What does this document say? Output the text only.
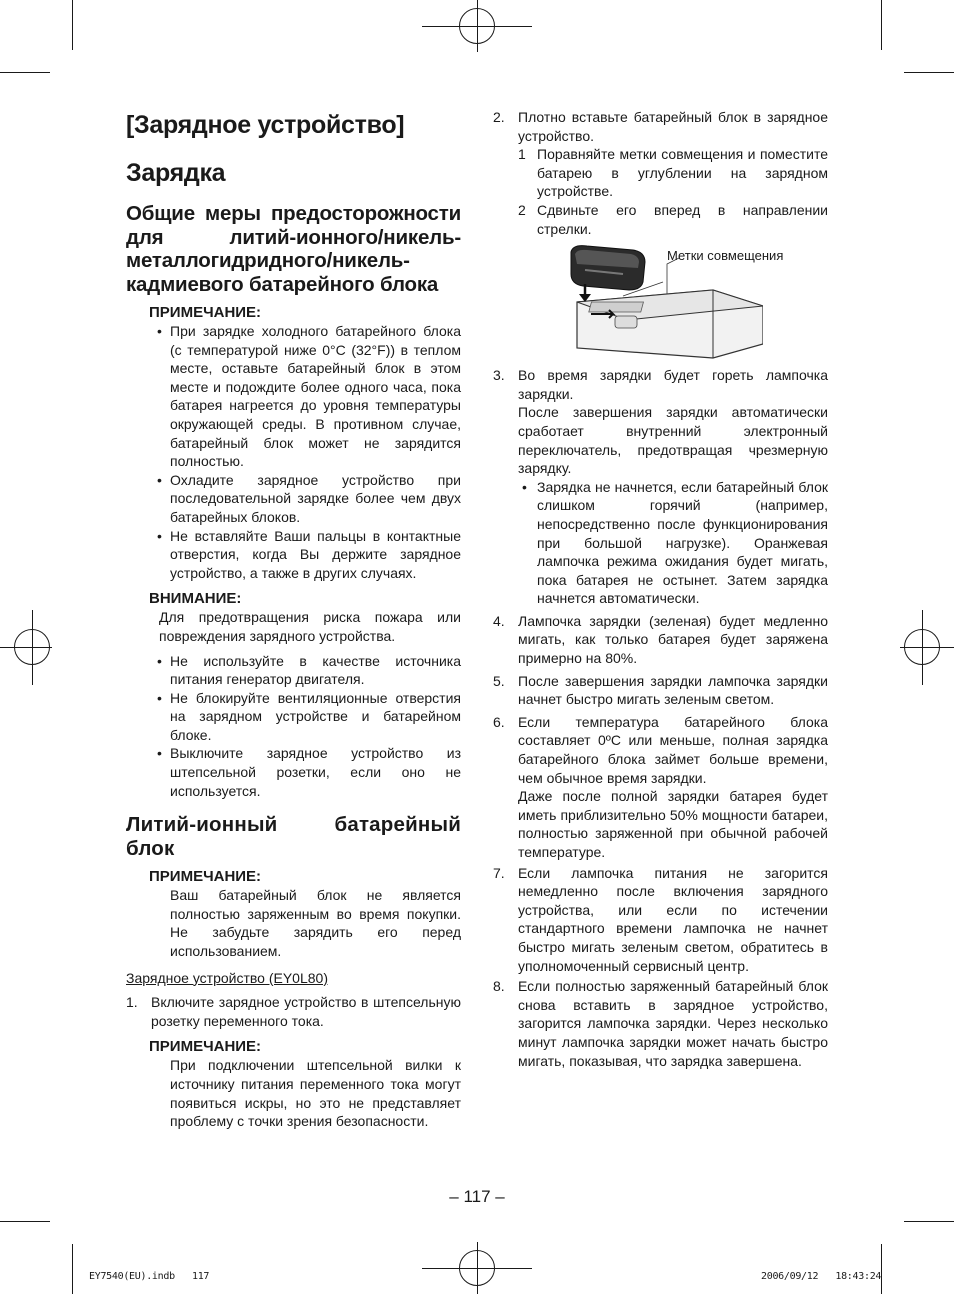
[Зарядное устройство]
Зарядка
Общие меры предосторожности для литий-ионного/никель-металлогидридного/никель-кадмиевого батарейного блока
ПРИМЕЧАНИЕ:
• При зарядке холодного батарейного блока (с температурой ниже 0°C (32°F)) в теплом месте, оставьте батарейный блок в этом месте и подождите более одного часа, пока батарея нагреется до уровня температуры окружающей среды. В противном случае, батарейный блок может не зарядится полностью.
• Охладите зарядное устройство при последовательной зарядке более чем двух батарейных блоков.
• Не вставляйте Ваши пальцы в контактные отверстия, когда Вы держите зарядное устройство, а также в других случаях.
ВНИМАНИЕ:

Для предотвращения риска пожара или повреждения зарядного устройства.

• Не используйте в качестве источника питания генератор двигателя.
• Не блокируйте вентиляционные отверстия на зарядном устройстве и батарейном блоке.
• Выключите зарядное устройство из штепсельной розетки, если оно не используется.
Литий-ионный батарейный блок
ПРИМЕЧАНИЕ:

Ваш батарейный блок не является полностью заряженным во время покупки. Не забудьте зарядить его перед использованием.

Зарядное устройство (EY0L80)

1. Включите зарядное устройство в штепсельную розетку переменного тока.
ПРИМЕЧАНИЕ:

При подключении штепсельной вилки к источнику питания переменного тока могут появиться искры, но это не представляет проблему с точки зрения безопасности.

2. Плотно вставьте батарейный блок в зарядное устройство.
1 Поравняйте метки совмещения и поместите батарею в углублении на зарядном устройстве.
2 Сдвиньте его вперед в направлении стрелки.
Метки совмещения
3. Во время зарядки будет гореть лампочка зарядки.

После завершения зарядки автоматически сработает внутренний электронный переключатель, предотвращая чрезмерную зарядку.

• Зарядка не начнется, если батарейный блок слишком горячий (например, непосредственно после функционирования при большой нагрузке). Оранжевая лампочка режима ожидания будет мигать, пока батарея не остынет. Затем зарядка начнется автоматически.
4. Лампочка зарядки (зеленая) будет медленно мигать, как только батарея будет заряжена примерно на 80%.
5. После завершения зарядки лампочка зарядки начнет быстро мигать зеленым светом.
6. Если температура батарейного блока составляет 0ºC или меньше, полная зарядка батарейного блока займет больше времени, чем обычное время зарядки.

Даже после полной зарядки батарея будет иметь приблизительно 50% мощности батареи, полностью заряженной при обычной рабочей температуре.

7. Если лампочка питания не загорится немедленно после включения зарядного устройства, или если по истечении стандартного времени лампочка не начнет быстро мигать зеленым светом, обратитесь в уполномоченный сервисный центр.
8. Если полностью заряженный батарейный блок снова вставить в зарядное устройство, загорится лампочка зарядки. Через несколько минут лампочка зарядки может начать быстро мигать, показывая, что зарядка завершена.
– 117 –
EY7540(EU).indb   117	2006/09/12   18:43:24
